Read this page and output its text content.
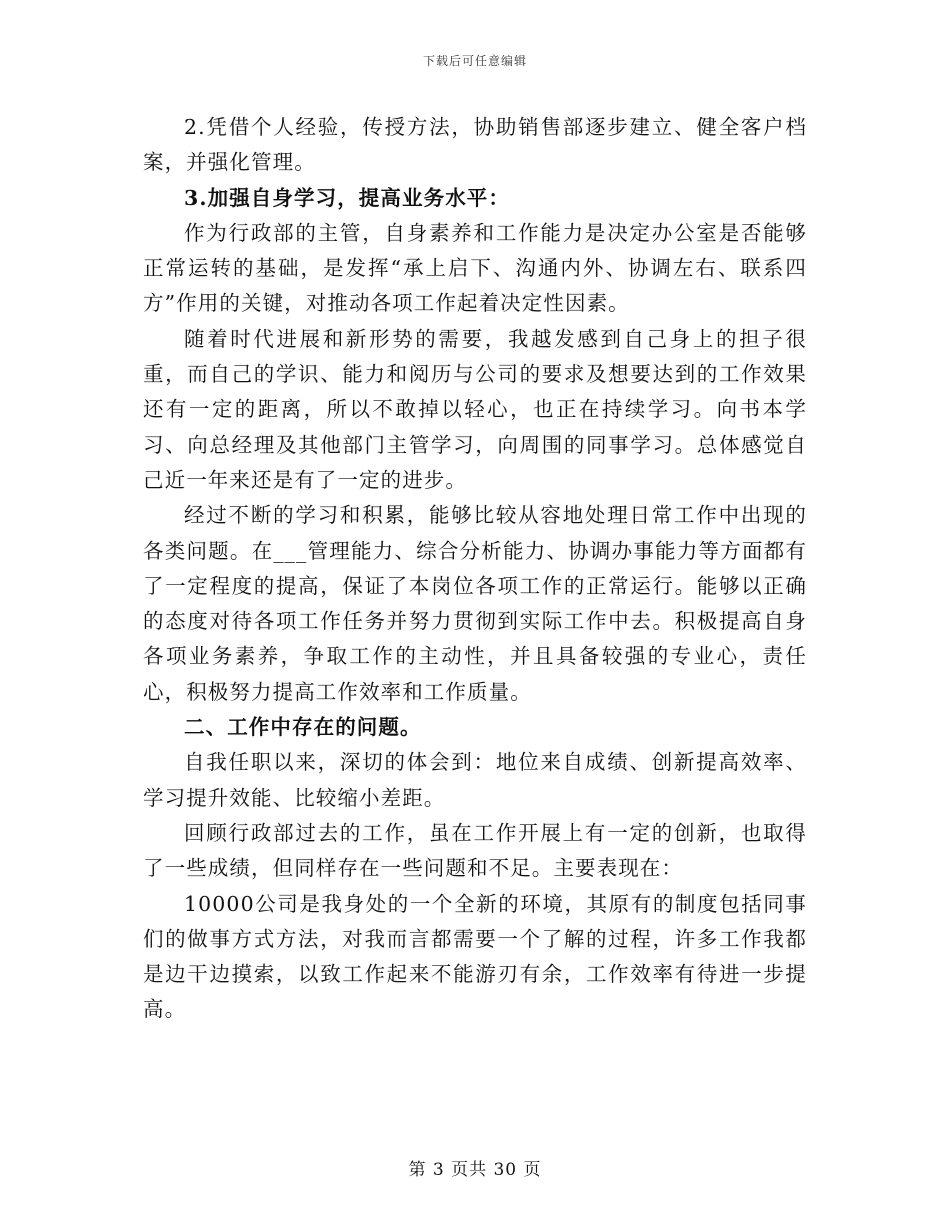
下载后可任意编辑

2.凭借个人经验，传授方法，协助销售部逐步建立、健全客户档案，并强化管理。

3.加强自身学习，提高业务水平：

作为行政部的主管，自身素养和工作能力是决定办公室是否能够正常运转的基础，是发挥“承上启下、沟通内外、协调左右、联系四方”作用的关键，对推动各项工作起着决定性因素。

随着时代进展和新形势的需要，我越发感到自己身上的担子很重，而自己的学识、能力和阅历与公司的要求及想要达到的工作效果还有一定的距离，所以不敢掉以轻心，也正在持续学习。向书本学习、向总经理及其他部门主管学习，向周围的同事学习。总体感觉自己近一年来还是有了一定的进步。

经过不断的学习和积累，能够比较从容地处理日常工作中出现的各类问题。在___管理能力、综合分析能力、协调办事能力等方面都有了一定程度的提高，保证了本岗位各项工作的正常运行。能够以正确的态度对待各项工作任务并努力贯彻到实际工作中去。积极提高自身各项业务素养，争取工作的主动性，并且具备较强的专业心，责任心，积极努力提高工作效率和工作质量。

二、工作中存在的问题。

自我任职以来，深切的体会到：地位来自成绩、创新提高效率、学习提升效能、比较缩小差距。

回顾行政部过去的工作，虽在工作开展上有一定的创新，也取得了一些成绩，但同样存在一些问题和不足。主要表现在：

10000公司是我身处的一个全新的环境，其原有的制度包括同事们的做事方式方法，对我而言都需要一个了解的过程，许多工作我都是边干边摸索，以致工作起来不能游刃有余，工作效率有待进一步提高。

第 3 页共 30 页
